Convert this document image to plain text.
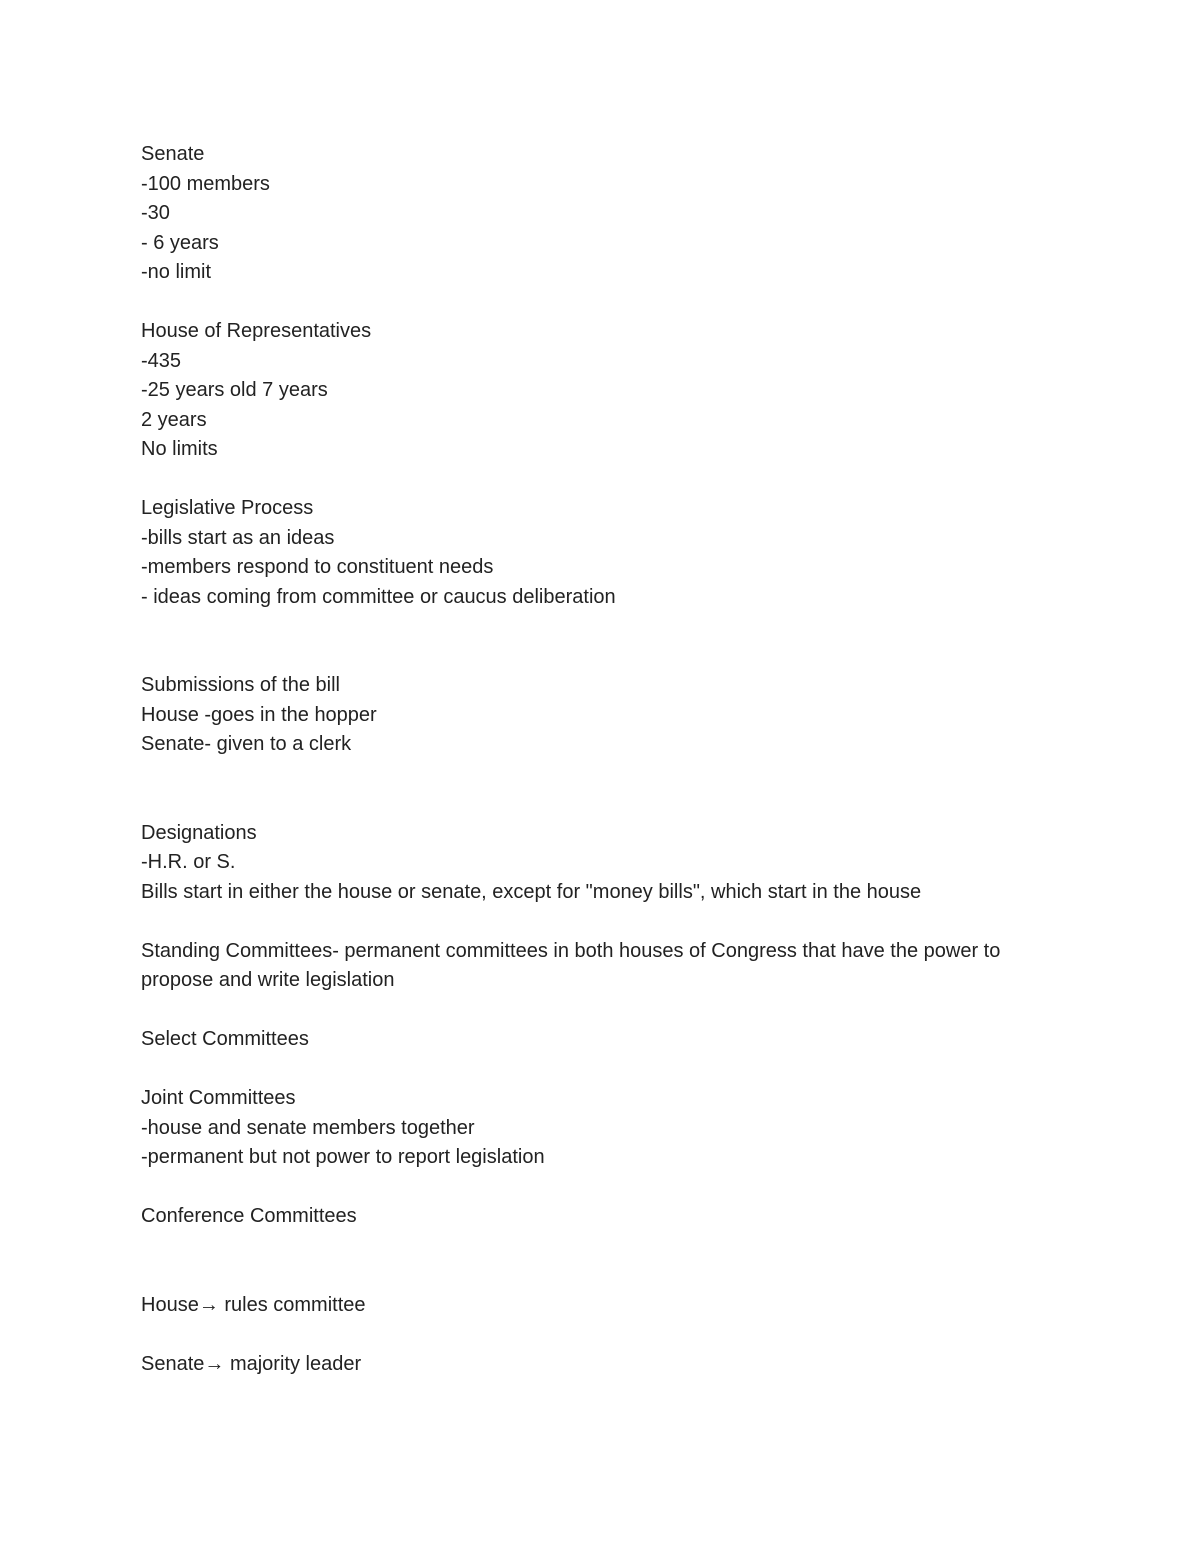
Senate
-100 members
-30
- 6 years
-no limit
House of Representatives
-435
-25 years old 7 years
2 years
No limits
Legislative Process
-bills start as an ideas
-members respond to constituent needs
- ideas coming from committee or caucus deliberation
Submissions of the bill
House -goes in the hopper
Senate- given to a clerk
Designations
-H.R. or S.
Bills start in either the house or senate, except for "money bills", which start in the house
Standing Committees- permanent committees in both houses of Congress that have the power to propose and write legislation
Select Committees
Joint Committees
-house and senate members together
-permanent but not power to report legislation
Conference Committees
House→ rules committee
Senate→ majority leader
